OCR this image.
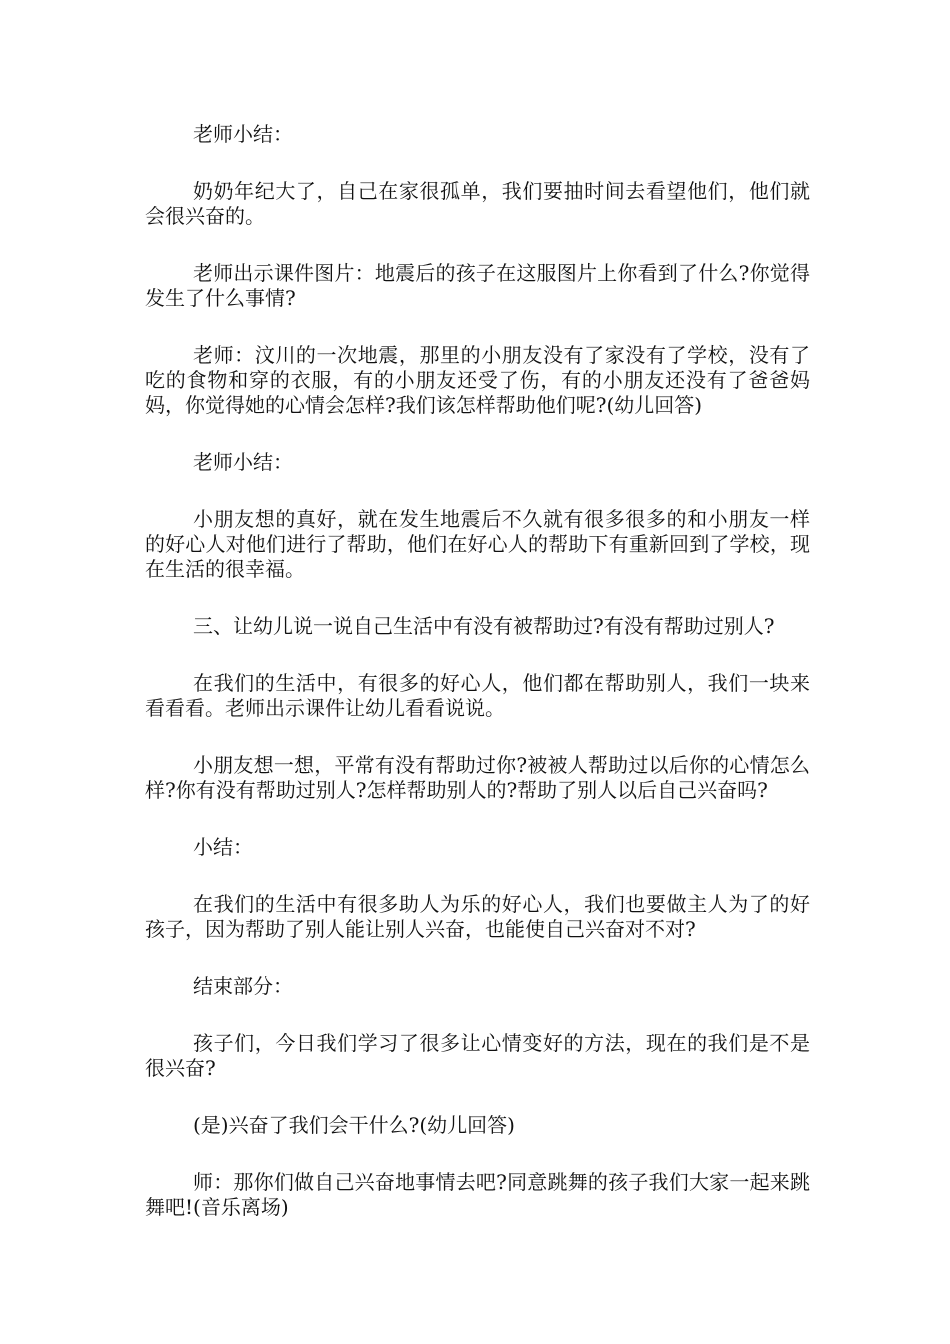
老师小结：

奶奶年纪大了，自己在家很孤单，我们要抽时间去看望他们，他们就会很兴奋的。

老师出示课件图片：地震后的孩子在这服图片上你看到了什么?你觉得发生了什么事情?

老师：汶川的一次地震，那里的小朋友没有了家没有了学校，没有了吃的食物和穿的衣服，有的小朋友还受了伤，有的小朋友还没有了爸爸妈妈，你觉得她的心情会怎样?我们该怎样帮助他们呢?(幼儿回答)

老师小结：

小朋友想的真好，就在发生地震后不久就有很多很多的和小朋友一样的好心人对他们进行了帮助，他们在好心人的帮助下有重新回到了学校，现在生活的很幸福。

三、让幼儿说一说自己生活中有没有被帮助过?有没有帮助过别人?

在我们的生活中，有很多的好心人，他们都在帮助别人，我们一块来看看看。老师出示课件让幼儿看看说说。

小朋友想一想，平常有没有帮助过你?被被人帮助过以后你的心情怎么样?你有没有帮助过别人?怎样帮助别人的?帮助了别人以后自己兴奋吗?

小结：

在我们的生活中有很多助人为乐的好心人，我们也要做主人为了的好孩子，因为帮助了别人能让别人兴奋，也能使自己兴奋对不对?

结束部分：

孩子们，今日我们学习了很多让心情变好的方法，现在的我们是不是很兴奋?

(是)兴奋了我们会干什么?(幼儿回答)

师：那你们做自己兴奋地事情去吧?同意跳舞的孩子我们大家一起来跳舞吧!(音乐离场)
